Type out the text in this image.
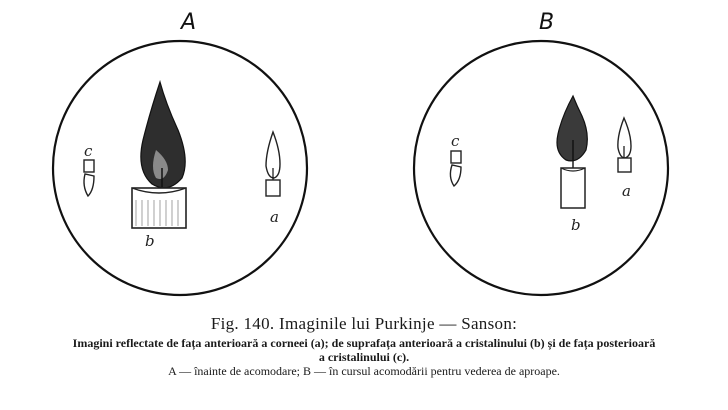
A	B
c
b
a
c
b
a
Fig. 140. Imaginile lui Purkinje — Sanson:
Imagini reflectate de fața anterioară a corneei (a); de suprafața anterioară a cristalinului (b) și de fața posterioară
a cristalinului (c).
A — înainte de acomodare; B — în cursul acomodării pentru vederea de aproape.
